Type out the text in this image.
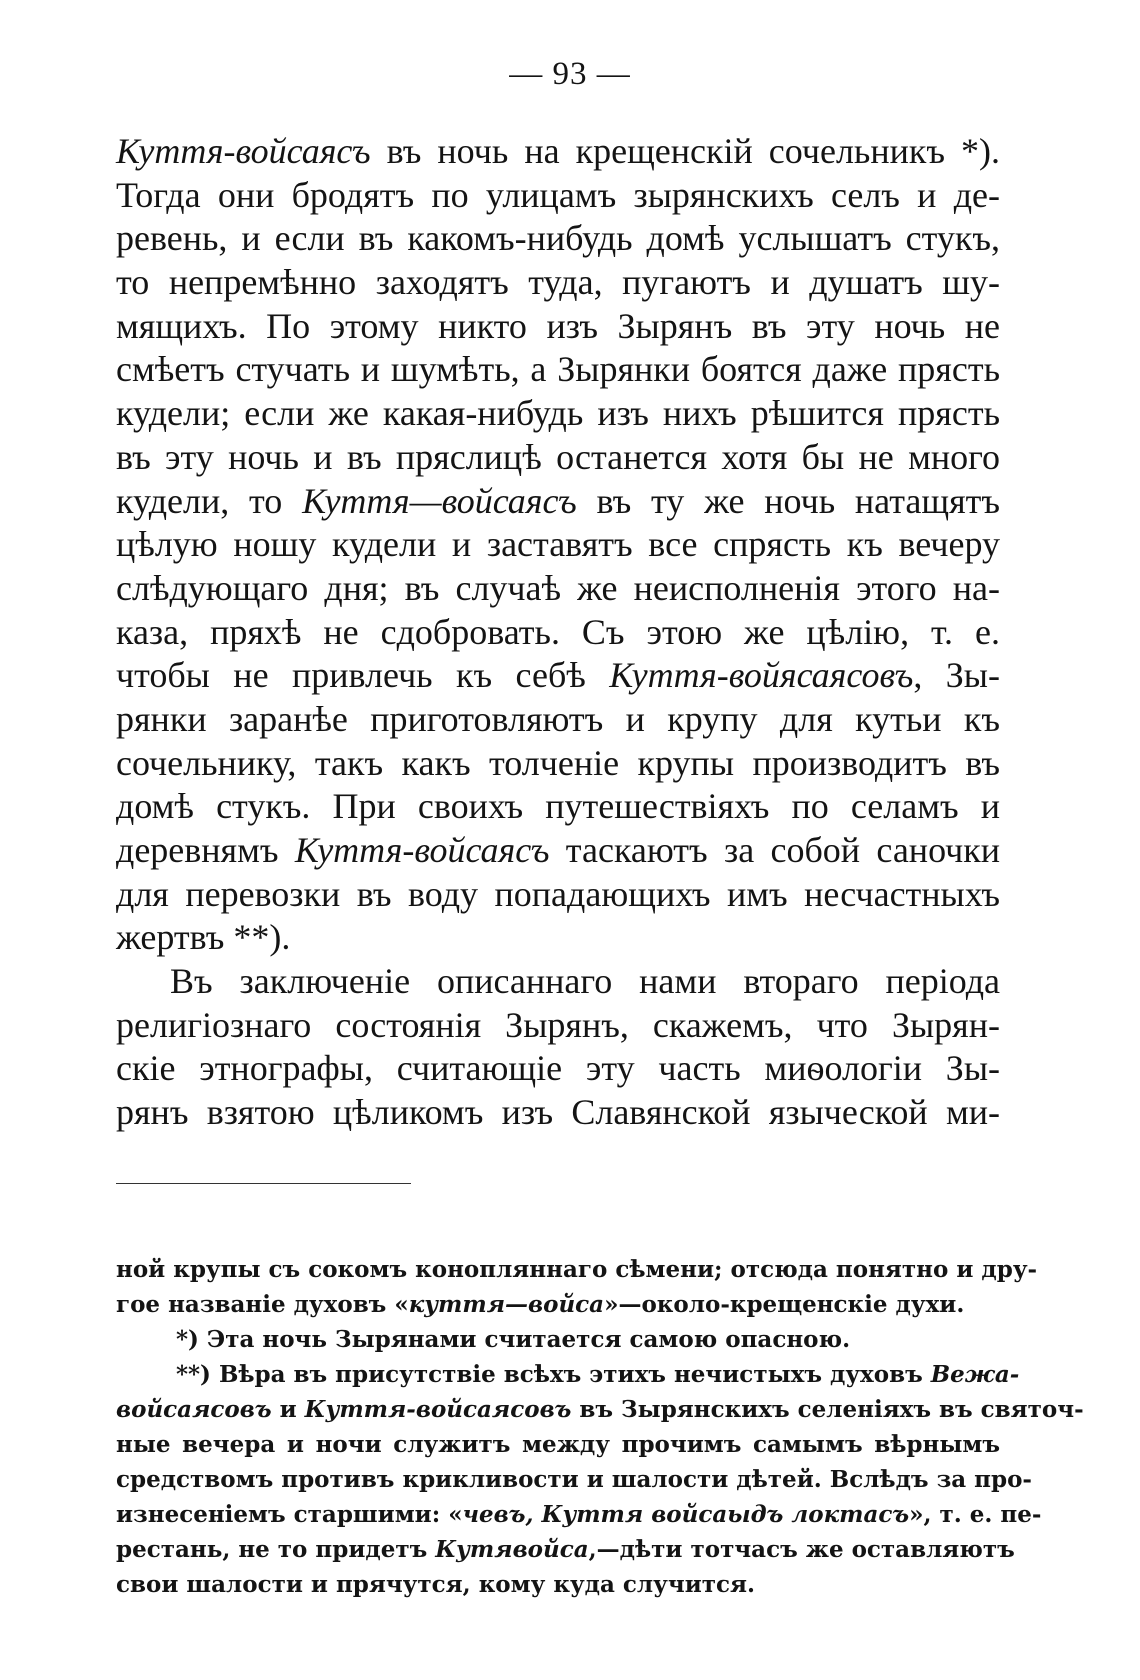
— 93 —
Куття-войсаясъ въ ночь на крещенскій сочельникъ *).
Тогда они бродятъ по улицамъ зырянскихъ селъ и де-
ревень, и если въ какомъ-нибудь домѣ услышатъ стукъ,
то непремѣнно заходятъ туда, пугаютъ и душатъ шу-
мящихъ. По этому никто изъ Зырянъ въ эту ночь не
смѣетъ стучать и шумѣть, а Зырянки боятся даже прясть
кудели; если же какая-нибудь изъ нихъ рѣшится прясть
въ эту ночь и въ пряслицѣ останется хотя бы не много
кудели, то Куття—войсаясъ въ ту же ночь натащятъ
цѣлую ношу кудели и заставятъ все спрясть къ вечеру
слѣдующаго дня; въ случаѣ же неисполненія этого на-
каза, пряхѣ не сдобровать. Съ этою же цѣлію, т. е.
чтобы не привлечь къ себѣ Куття-войясаясовъ, Зы-
рянки заранѣе приготовляютъ и крупу для кутьи къ
сочельнику, такъ какъ толченіе крупы производитъ въ
домѣ стукъ. При своихъ путешествіяхъ по селамъ и
деревнямъ Куття-войсаясъ таскаютъ за собой саночки
для перевозки въ воду попадающихъ имъ несчастныхъ
жертвъ **).
Въ заключеніе описаннаго нами втораго періода
религіознаго состоянія Зырянъ, скажемъ, что Зырян-
скіе этнографы, считающіе эту часть миѳологіи Зы-
рянъ взятою цѣликомъ изъ Славянской языческой ми-
ной крупы съ сокомъ конопляннаго сѣмени; отсюда понятно и дру-
гое названіе духовъ «куття—войса»—около-крещенскіе духи.
*) Эта ночь Зырянами считается самою опасною.
**) Вѣра въ присутствіе всѣхъ этихъ нечистыхъ духовъ Вежа-
войсаясовъ и Куття-войсаясовъ въ Зырянскихъ селеніяхъ въ святоч-
ные вечера и ночи служитъ между прочимъ самымъ вѣрнымъ
средствомъ противъ крикливости и шалости дѣтей. Вслѣдъ за про-
изнесеніемъ старшими: «чевъ, Куття войсаыдъ локтасъ», т. е. пе-
рестань, не то придетъ Кутявойса,—дѣти тотчасъ же оставляютъ
свои шалости и прячутся, кому куда случится.
